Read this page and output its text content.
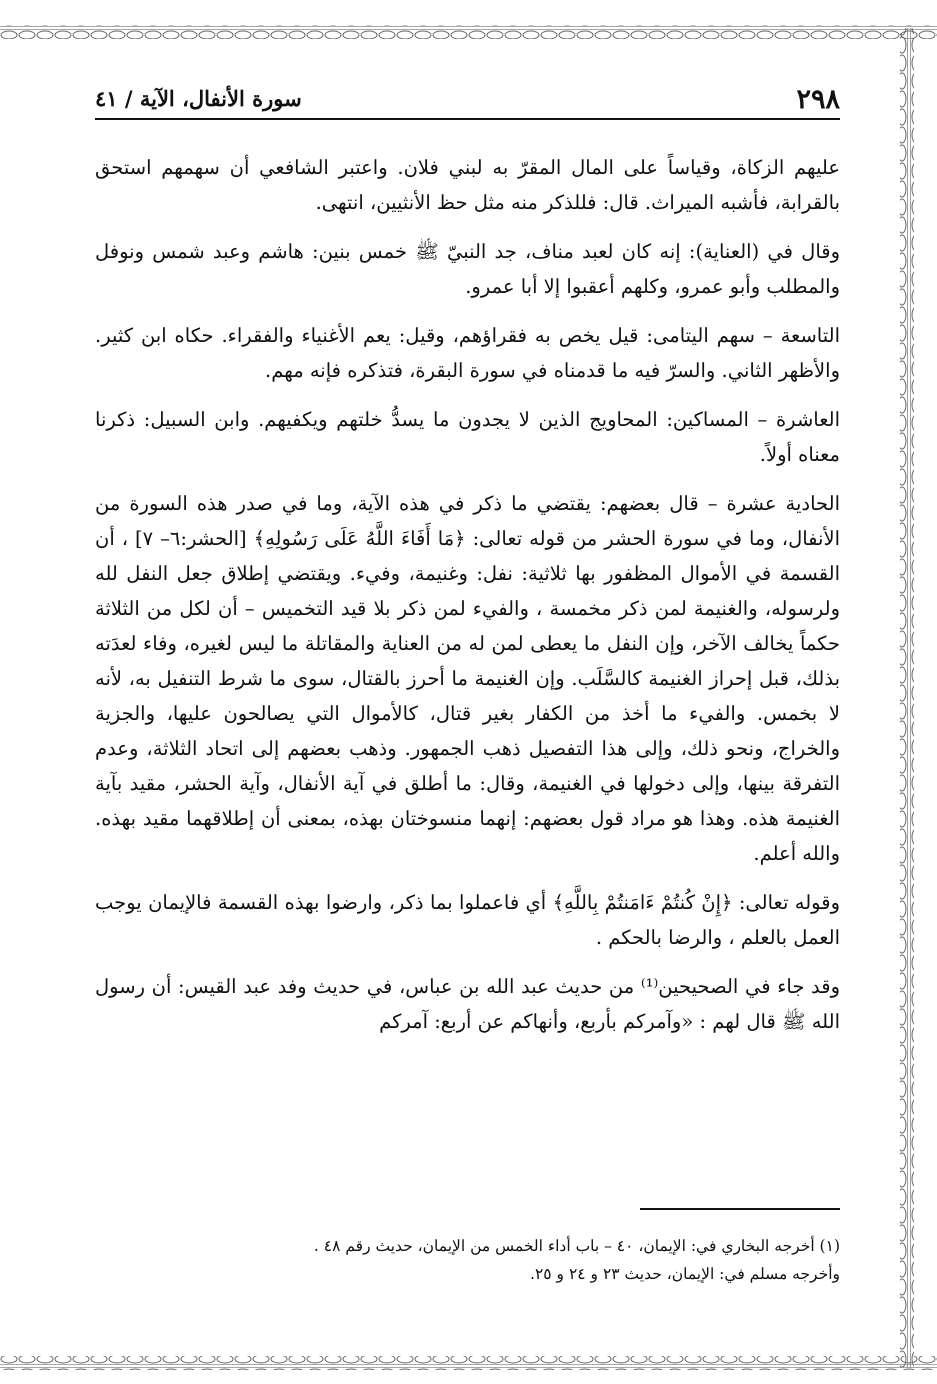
٢٩٨
سورة الأنفال، الآية / ٤١

عليهم الزكاة، وقياساً على المال المقرّ به لبني فلان. واعتبر الشافعي أن سهمهم استحق بالقرابة، فأشبه الميراث. قال: فللذكر منه مثل حظ الأنثيين، انتهى.

وقال في (العناية): إنه كان لعبد مناف، جد النبيّ ﷺ خمس بنين: هاشم وعبد شمس ونوفل والمطلب وأبو عمرو، وكلهم أعقبوا إلا أبا عمرو.

التاسعة – سهم اليتامى: قيل يخص به فقراؤهم، وقيل: يعم الأغنياء والفقراء. حكاه ابن كثير. والأظهر الثاني. والسرّ فيه ما قدمناه في سورة البقرة، فتذكره فإنه مهم.

العاشرة – المساكين: المحاويج الذين لا يجدون ما يسدُّ خلتهم ويكفيهم. وابن السبيل: ذكرنا معناه أولاً.

الحادية عشرة – قال بعضهم: يقتضي ما ذكر في هذه الآية، وما في صدر هذه السورة من الأنفال، وما في سورة الحشر من قوله تعالى: ﴿مَا أَفَاءَ اللَّهُ عَلَى رَسُولِهِ﴾ [الحشر:٦– ٧] ، أن القسمة في الأموال المظفور بها ثلاثية: نفل: وغنيمة، وفيء. ويقتضي إطلاق جعل النفل لله ولرسوله، والغنيمة لمن ذكر مخمسة ، والفيء لمن ذكر بلا قيد التخميس – أن لكل من الثلاثة حكماً يخالف الآخر، وإن النفل ما يعطى لمن له من العناية والمقاتلة ما ليس لغيره، وفاء لعدَته بذلك، قبل إحراز الغنيمة كالسَّلَب. وإن الغنيمة ما أحرز بالقتال، سوى ما شرط التنفيل به، لأنه لا بخمس. والفيء ما أخذ من الكفار بغير قتال، كالأموال التي يصالحون عليها، والجزية والخراج، ونحو ذلك، وإلى هذا التفصيل ذهب الجمهور. وذهب بعضهم إلى اتحاد الثلاثة، وعدم التفرقة بينها، وإلى دخولها في الغنيمة، وقال: ما أطلق في آية الأنفال، وآية الحشر، مقيد بآية الغنيمة هذه. وهذا هو مراد قول بعضهم: إنهما منسوختان بهذه، بمعنى أن إطلاقهما مقيد بهذه. والله أعلم.

وقوله تعالى: ﴿إِنْ كُنتُمْ ءَامَنتُمْ بِاللَّهِ﴾ أي فاعملوا بما ذكر، وارضوا بهذه القسمة فالإيمان يوجب العمل بالعلم ، والرضا بالحكم .

وقد جاء في الصحيحين⁽¹⁾ من حديث عبد الله بن عباس، في حديث وفد عبد القيس: أن رسول الله ﷺ قال لهم : «وآمركم بأربع، وأنهاكم عن أربع: آمركم

(١) أخرجه البخاري في: الإيمان، ٤٠ – باب أداء الخمس من الإيمان، حديث رقم ٤٨ .

وأخرجه مسلم في: الإيمان، حديث ٢٣ و ٢٤ و ٢٥.
